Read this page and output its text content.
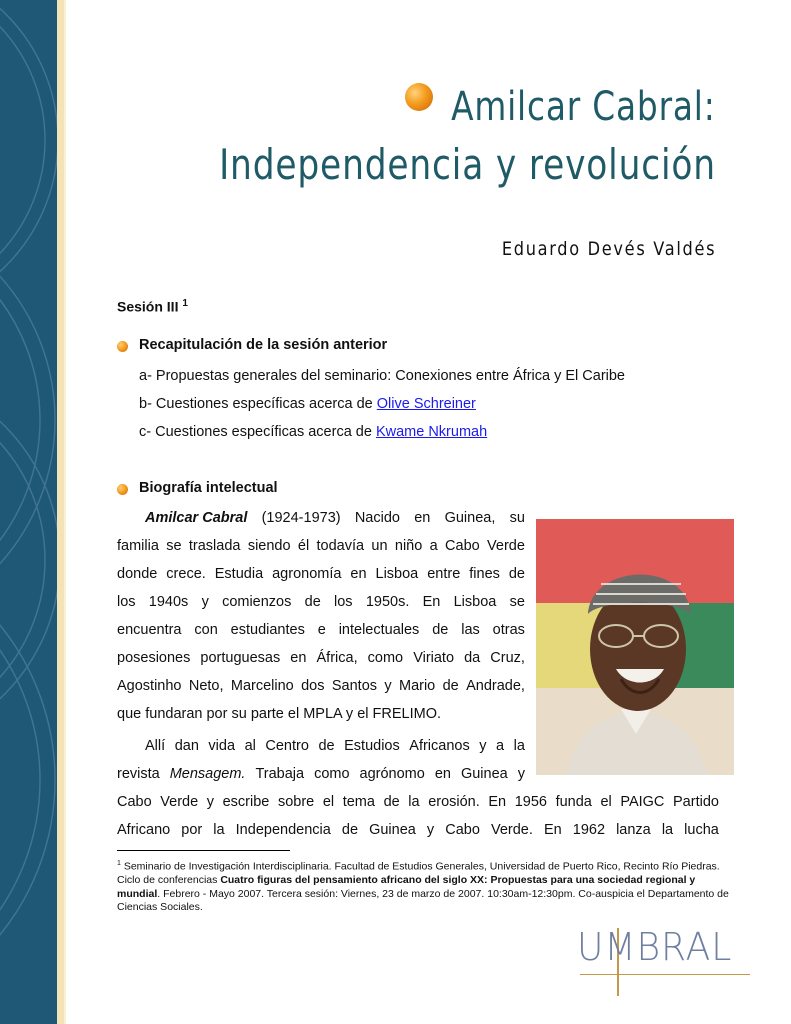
Amilcar Cabral:
Independencia y revolución
Eduardo Devés Valdés
Sesión III $^1$
Recapitulación de la sesión anterior
a- Propuestas generales del seminario: Conexiones entre África y El Caribe
b- Cuestiones específicas acerca de Olive Schreiner
c- Cuestiones específicas acerca de Kwame Nkrumah
Biografía intelectual
Amilcar Cabral (1924-1973) Nacido en Guinea, su
familia se traslada siendo él todavía un niño a Cabo Verde
donde crece. Estudia agronomía en Lisboa entre fines de
los 1940s y comienzos de los 1950s. En Lisboa se
encuentra con estudiantes e intelectuales de las otras
posesiones portuguesas en África, como Viriato da Cruz,
Agostinho Neto, Marcelino dos Santos y Mario de Andrade,
que fundaran por su parte el MPLA y el FRELIMO.
Allí dan vida al Centro de Estudios Africanos y a la
revista Mensagem. Trabaja como agrónomo en Guinea y
Cabo Verde y escribe sobre el tema de la erosión. En 1956 funda el PAIGC Partido
Africano por la Independencia de Guinea y Cabo Verde. En 1962 lanza la lucha
$^1$ Seminario de Investigación Interdisciplinaria. Facultad de Estudios Generales, Universidad de Puerto Rico, Recinto Río Piedras. Ciclo de conferencias Cuatro figuras del pensamiento africano del siglo XX: Propuestas para una sociedad regional y mundial. Febrero - Mayo 2007. Tercera sesión: Viernes, 23 de marzo de 2007. 10:30am-12:30pm. Co-auspicia el Departamento de Ciencias Sociales.
UMBRAL
